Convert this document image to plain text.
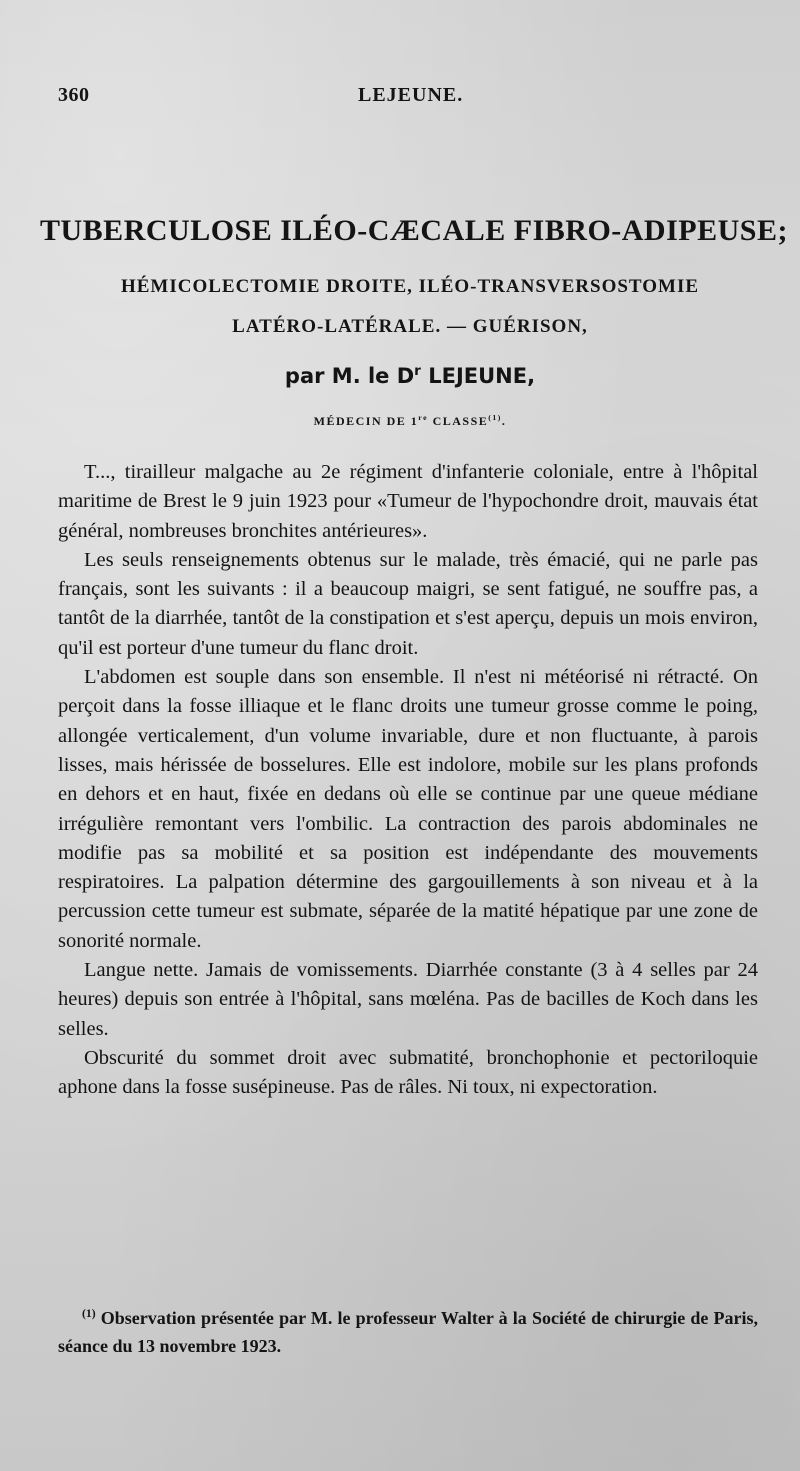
360	LEJEUNE.
TUBERCULOSE ILÉO-CÆCALE FIBRO-ADIPEUSE;
HÉMICOLECTOMIE DROITE, ILÉO-TRANSVERSOSTOMIE
LATÉRO-LATÉRALE. — GUÉRISON,
par M. le $D^r$ LEJEUNE,
MÉDECIN DE 1re CLASSE$^{(1)}$.

T..., tirailleur malgache au 2e régiment d'infanterie coloniale, entre à l'hôpital maritime de Brest le 9 juin 1923 pour «Tumeur de l'hypochondre droit, mauvais état général, nombreuses bronchites antérieures».

Les seuls renseignements obtenus sur le malade, très émacié, qui ne parle pas français, sont les suivants : il a beaucoup maigri, se sent fatigué, ne souffre pas, a tantôt de la diarrhée, tantôt de la constipation et s'est aperçu, depuis un mois environ, qu'il est porteur d'une tumeur du flanc droit.

L'abdomen est souple dans son ensemble. Il n'est ni météorisé ni rétracté. On perçoit dans la fosse illiaque et le flanc droits une tumeur grosse comme le poing, allongée verticalement, d'un volume invariable, dure et non fluctuante, à parois lisses, mais hérissée de bosselures. Elle est indolore, mobile sur les plans profonds en dehors et en haut, fixée en dedans où elle se continue par une queue médiane irrégulière remontant vers l'ombilic. La contraction des parois abdominales ne modifie pas sa mobilité et sa position est indépendante des mouvements respiratoires. La palpation détermine des gargouillements à son niveau et à la percussion cette tumeur est submate, séparée de la matité hépatique par une zone de sonorité normale.

Langue nette. Jamais de vomissements. Diarrhée constante (3 à 4 selles par 24 heures) depuis son entrée à l'hôpital, sans mœléna. Pas de bacilles de Koch dans les selles.

Obscurité du sommet droit avec submatité, bronchophonie et pectoriloquie aphone dans la fosse susépineuse. Pas de râles. Ni toux, ni expectoration.

$^{(1)}$ Observation présentée par M. le professeur Walter à la Société de chirurgie de Paris, séance du 13 novembre 1923.
